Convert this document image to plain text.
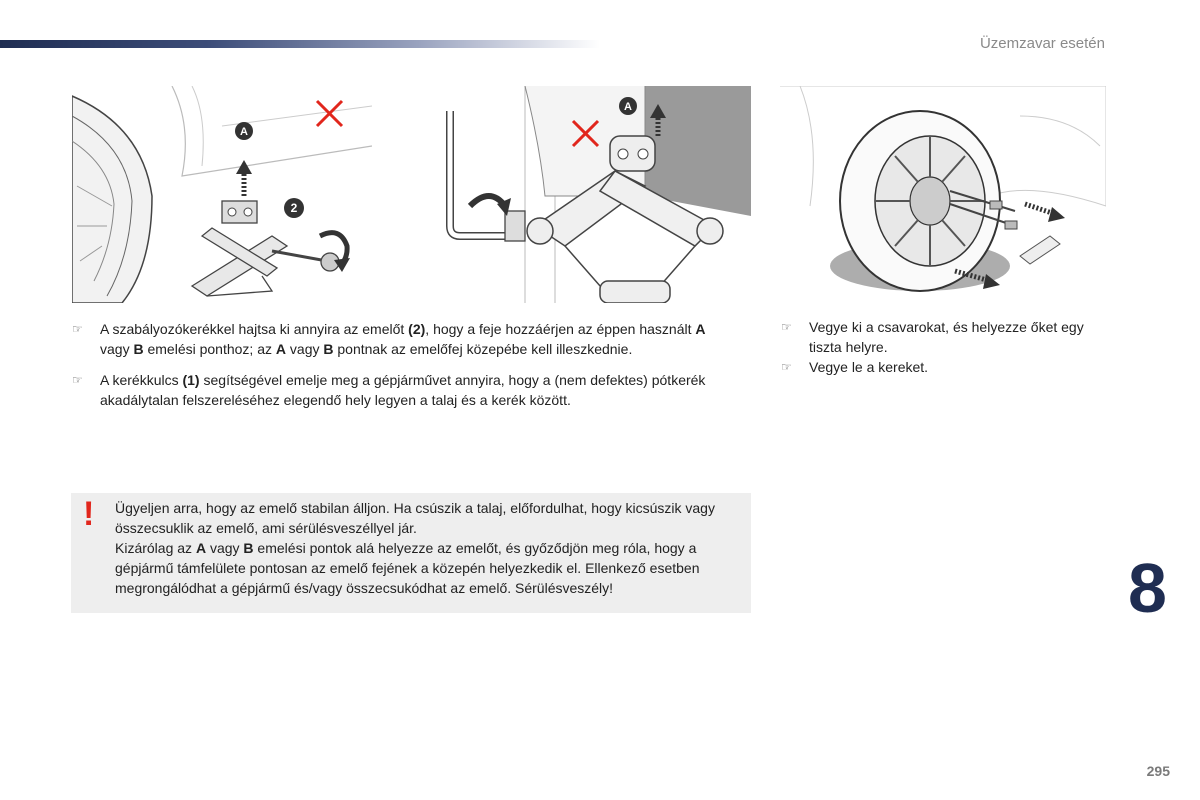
Üzemzavar esetén
A
2
A
☞ A szabályozókerékkel hajtsa ki annyira az emelőt (2), hogy a feje hozzáérjen az éppen használt A vagy B emelési ponthoz; az A vagy B pontnak az emelőfej közepébe kell illeszkednie.
☞ A kerékkulcs (1) segítségével emelje meg a gépjárművet annyira, hogy a (nem defektes) pótkerék akadálytalan felszereléséhez elegendő hely legyen a talaj és a kerék között.
☞ Vegye ki a csavarokat, és helyezze őket egy tiszta helyre.
☞ Vegye le a kereket.
! Ügyeljen arra, hogy az emelő stabilan álljon. Ha csúszik a talaj, előfordulhat, hogy kicsúszik vagy összecsuklik az emelő, ami sérülésveszéllyel jár.
Kizárólag az A vagy B emelési pontok alá helyezze az emelőt, és győződjön meg róla, hogy a gépjármű támfelülete pontosan az emelő fejének a közepén helyezkedik el. Ellenkező esetben megrongálódhat a gépjármű és/vagy összecsukódhat az emelő. Sérülésveszély!	8
295
